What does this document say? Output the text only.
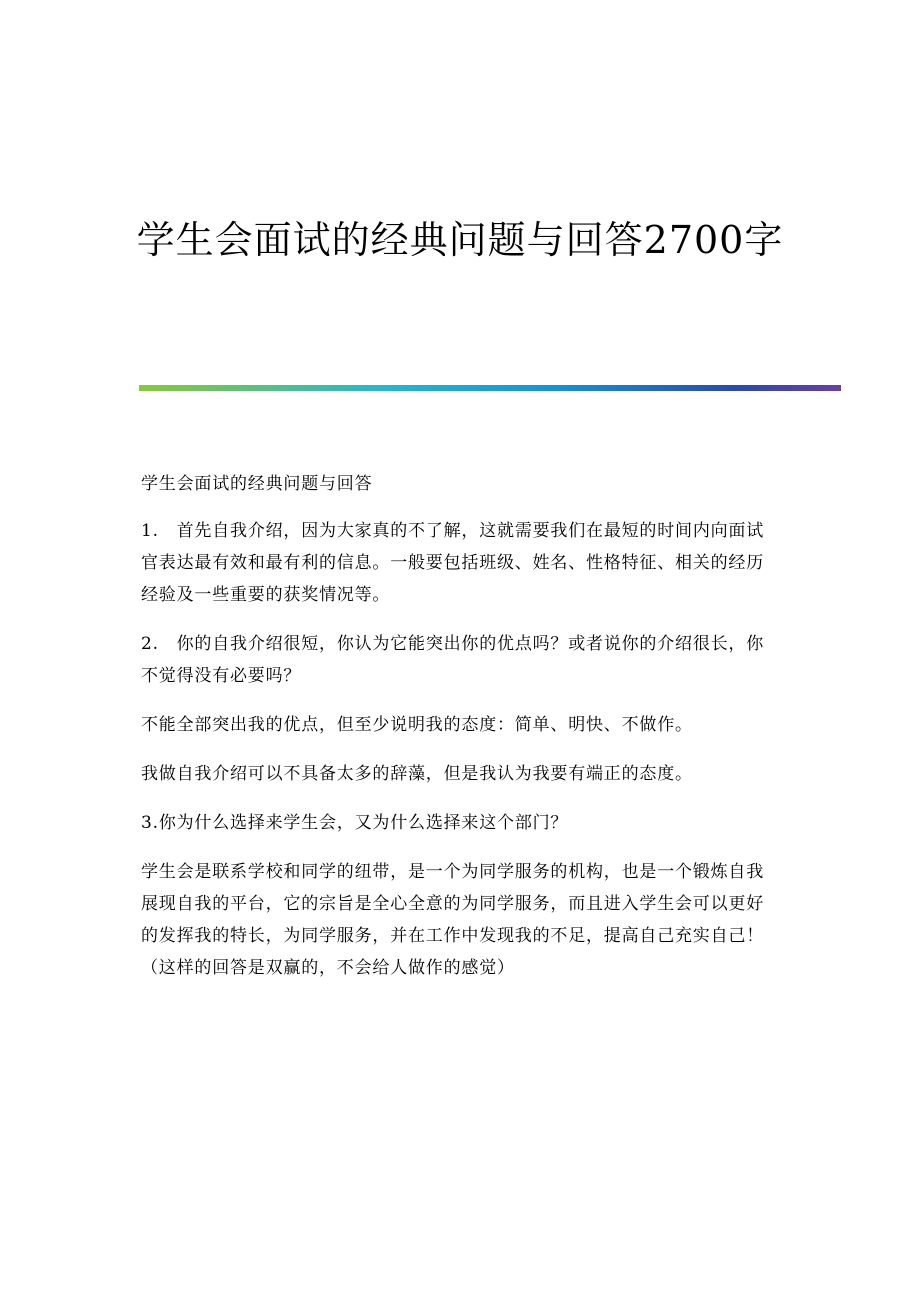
学生会面试的经典问题与回答2700字

学生会面试的经典问题与回答

1.　首先自我介绍，因为大家真的不了解，这就需要我们在最短的时间内向面试官表达最有效和最有利的信息。一般要包括班级、姓名、性格特征、相关的经历经验及一些重要的获奖情况等。

2.　你的自我介绍很短，你认为它能突出你的优点吗？或者说你的介绍很长，你不觉得没有必要吗？

不能全部突出我的优点，但至少说明我的态度：简单、明快、不做作。

我做自我介绍可以不具备太多的辞藻，但是我认为我要有端正的态度。

3.你为什么选择来学生会，又为什么选择来这个部门？

学生会是联系学校和同学的纽带，是一个为同学服务的机构，也是一个锻炼自我展现自我的平台，它的宗旨是全心全意的为同学服务，而且进入学生会可以更好的发挥我的特长，为同学服务，并在工作中发现我的不足，提高自己充实自己！（这样的回答是双赢的，不会给人做作的感觉）
